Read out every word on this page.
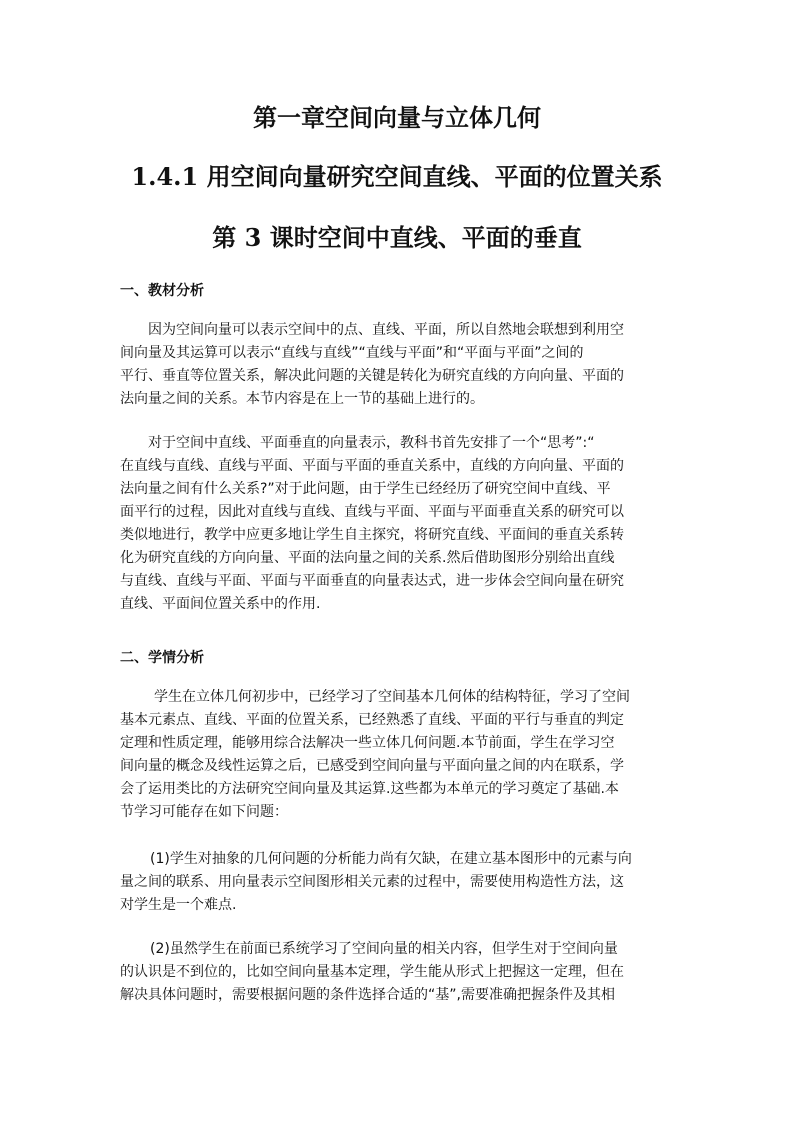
第一章空间向量与立体几何
1.4.1 用空间向量研究空间直线、平面的位置关系
第 3 课时空间中直线、平面的垂直
一、教材分析
因为空间向量可以表示空间中的点、直线、平面，所以自然地会联想到利用空
间向量及其运算可以表示“直线与直线”“直线与平面”和“平面与平面”之间的
平行、垂直等位置关系，解决此问题的关键是转化为研究直线的方向向量、平面的
法向量之间的关系。本节内容是在上一节的基础上进行的。
对于空间中直线、平面垂直的向量表示，教科书首先安排了一个“思考”:“
在直线与直线、直线与平面、平面与平面的垂直关系中，直线的方向向量、平面的
法向量之间有什么关系?”对于此问题，由于学生已经经历了研究空间中直线、平
面平行的过程，因此对直线与直线、直线与平面、平面与平面垂直关系的研究可以
类似地进行，教学中应更多地让学生自主探究，将研究直线、平面间的垂直关系转
化为研究直线的方向向量、平面的法向量之间的关系.然后借助图形分别给出直线
与直线、直线与平面、平面与平面垂直的向量表达式，进一步体会空间向量在研究
直线、平面间位置关系中的作用.
二、学情分析
学生在立体几何初步中，已经学习了空间基本几何体的结构特征，学习了空间
基本元素点、直线、平面的位置关系，已经熟悉了直线、平面的平行与垂直的判定
定理和性质定理，能够用综合法解决一些立体几何问题.本节前面，学生在学习空
间向量的概念及线性运算之后，已感受到空间向量与平面向量之间的内在联系，学
会了运用类比的方法研究空间向量及其运算.这些都为本单元的学习奠定了基础.本
节学习可能存在如下问题：
(1)学生对抽象的几何问题的分析能力尚有欠缺，在建立基本图形中的元素与向
量之间的联系、用向量表示空间图形相关元素的过程中，需要使用构造性方法，这
对学生是一个难点.
(2)虽然学生在前面已系统学习了空间向量的相关内容，但学生对于空间向量
的认识是不到位的，比如空间向量基本定理，学生能从形式上把握这一定理，但在
解决具体问题时，需要根据问题的条件选择合适的“基”,需要准确把握条件及其相
